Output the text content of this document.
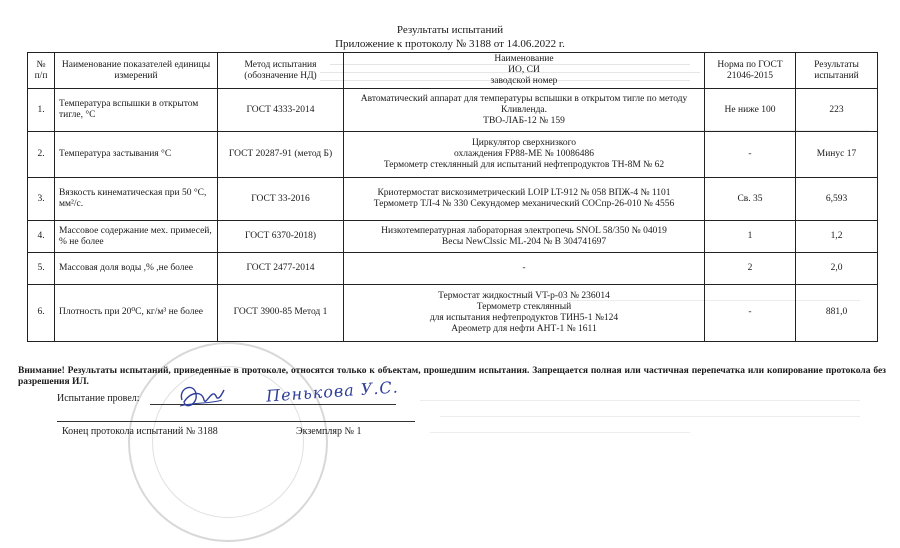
Результаты испытаний
Приложение к протоколу № 3188 от 14.06.2022 г.
№ п/п	Наименование показателей единицы измерений	Метод испытания (обозначение НД)	Наименование
ИО, СИ
заводской номер	Норма по ГОСТ 21046-2015	Результаты испытаний
1.	Температура вспышки в открытом тигле, °С	ГОСТ 4333-2014	Автоматический аппарат для температуры вспышки в открытом тигле по методу Кливленда.
ТВО-ЛАБ-12 № 159	Не ниже 100	223
2.	Температура застывания °С	ГОСТ 20287-91 (метод Б)	Циркулятор сверхнизкого
охлаждения FP88-ME № 10086486
Термометр стеклянный для испытаний нефтепродуктов ТН-8М № 62	-	Минус 17
3.	Вязкость кинематическая при 50 °С, мм²/с.	ГОСТ 33-2016	Криотермостат вискозиметрический LOIP LT-912 № 058 ВПЖ-4 № 1101
Термометр ТЛ-4 № 330 Секундомер механический СОСпр-26-010 № 4556	Св. 35	6,593
4.	Массовое содержание мех. примесей, % не более	ГОСТ 6370-2018)	Низкотемпературная лабораторная электропечь SNOL 58/350 № 04019
Весы NewClssic ML-204 № В 304741697	1	1,2
5.	Массовая доля воды ,% ,не более	ГОСТ 2477-2014	-	2	2,0
6.	Плотность при 20⁰С, кг/м³ не более	ГОСТ 3900-85 Метод 1	Термостат жидкостный VT-р-03 № 236014
Термометр стеклянный
для испытания нефтепродуктов ТИН5-1 №124
Ареометр для нефти АНТ-1 № 1611	-	881,0
Внимание! Результаты испытаний, приведенные в протоколе, относятся только к объектам, прошедшим испытания. Запрещается полная или частичная перепечатка или копирование протокола без разрешения ИЛ.
Испытание провел:	Пенькова У.С.
Конец протокола испытаний № 3188	Экземпляр № 1
